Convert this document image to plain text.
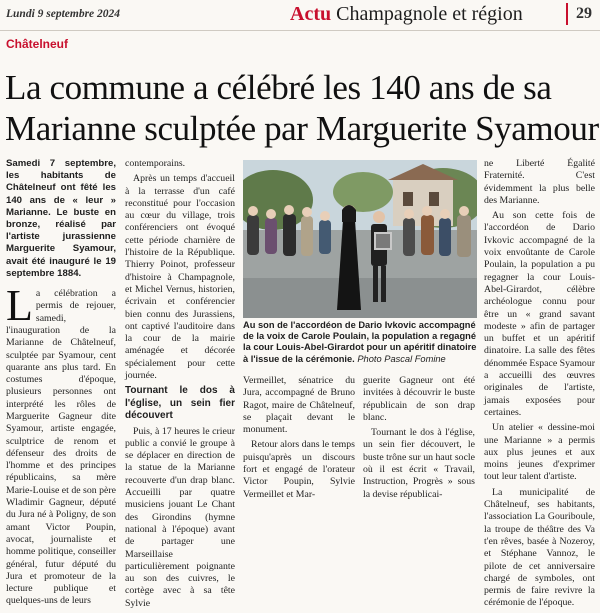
Lundi 9 septembre 2024	Actu Champagnole et région	29
Châtelneuf
La commune a célébré les 140 ans de sa
Marianne sculptée par Marguerite Syamour

Samedi 7 septembre, les habitants de Châtelneuf ont fêté les 140 ans de « leur » Marianne. Le buste en bronze, réalisé par l'artiste jurassienne Marguerite Syamour, avait été inauguré le 19 septembre 1884.

La célébration a permis de rejouer, samedi, l'inauguration de la Marianne de Châtelneuf, sculptée par Syamour, cent quarante ans plus tard. En costumes d'époque, plusieurs personnes ont interprété les rôles de Marguerite Gagneur dite Syamour, artiste engagée, sculptrice de renom et défenseur des droits de l'homme et des principes républicains, sa mère Marie-Louise et de son père Wladimir Gagneur, député du Jura né à Poligny, de son amant Victor Poupin, avocat, journaliste et homme politique, conseiller général, futur député du Jura et promoteur de la lecture publique et quelques-uns de leurs

contemporains.

Après un temps d'accueil à la terrasse d'un café reconstitué pour l'occasion au cœur du village, trois conférenciers ont évoqué cette période charnière de l'histoire de la République. Thierry Poinot, professeur d'histoire à Champagnole, et Michel Vernus, historien, écrivain et conférencier bien connu des Jurassiens, ont captivé l'auditoire dans la cour de la mairie aménagée et décorée spécialement pour cette journée.

Tournant le dos à l'église, un sein fier découvert

Puis, à 17 heures le crieur public a convié le groupe à se déplacer en direction de la statue de la Marianne recouverte d'un drap blanc. Accueilli par quatre musiciens jouant Le Chant des Girondins (hymne national à l'époque) avant de partager une Marseillaise particulièrement poignante au son des cuivres, le cortège avec à sa tête Sylvie

Au son de l'accordéon de Dario Ivkovic accompagné de la voix de Carole Poulain, la population a regagné la cour Louis-Abel-Girardot pour un apéritif dinatoire à l'issue de la cérémonie. Photo Pascal Fomine

Vermeillet, sénatrice du Jura, accompagné de Bruno Ragot, maire de Châtelneuf, se plaçait devant le monument.

Retour alors dans le temps puisqu'après un discours fort et engagé de l'orateur Victor Poupin, Sylvie Vermeillet et Mar-

guerite Gagneur ont été invitées à découvrir le buste républicain de son drap blanc.

Tournant le dos à l'église, un sein fier découvert, le buste trône sur un haut socle où il est écrit « Travail, Instruction, Progrès » sous la devise républicai-

ne Liberté Égalité Fraternité. C'est évidemment la plus belle des Marianne.

Au son cette fois de l'accordéon de Dario Ivkovic accompagné de la voix envoûtante de Carole Poulain, la population a pu regagner la cour Louis-Abel-Girardot, célèbre archéologue connu pour être un « grand savant modeste » afin de partager un buffet et un apéritif dinatoire. La salle des fêtes dénommée Espace Syamour a accueilli des œuvres originales de l'artiste, jamais exposées pour certaines.

Un atelier « dessine-moi une Marianne » a permis aux plus jeunes et aux moins jeunes d'exprimer tout leur talent d'artiste.

La municipalité de Châtelneuf, ses habitants, l'association La Gouriboule, la troupe de théâtre des Va t'en rêves, basée à Nozeroy, et Stéphane Vannoz, le pilote de cet anniversaire chargé de symboles, ont permis de faire revivre la cérémonie de l'époque.
